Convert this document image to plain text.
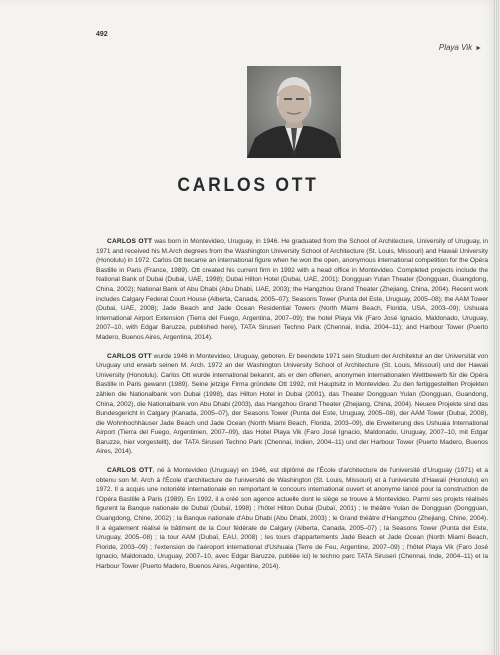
492
Playa Vik ►
CARLOS OTT

CARLOS OTT was born in Montevideo, Uruguay, in 1946. He graduated from the School of Architecture, University of Uruguay, in 1971 and received his M.Arch degrees from the Washington University School of Architecture (St. Louis, Missouri) and Hawaii University (Honolulu) in 1972. Carlos Ott became an international figure when he won the open, anonymous international competition for the Opéra Bastille in Paris (France, 1989). Ott created his current firm in 1992 with a head office in Montevideo. Completed projects include the National Bank of Dubai (Dubai, UAE, 1998); Dubai Hilton Hotel (Dubai, UAE, 2001); Dongguan Yulan Theater (Dongguan, Guangdong, China, 2002); National Bank of Abu Dhabi (Abu Dhabi, UAE, 2003); the Hangzhou Grand Theater (Zhejiang, China, 2004). Recent work includes Calgary Federal Court House (Alberta, Canada, 2005–07); Seasons Tower (Punta del Este, Uruguay, 2005–08); the AAM Tower (Dubai, UAE, 2008); Jade Beach and Jade Ocean Residential Towers (North Miami Beach, Florida, USA, 2003–09); Ushuaia International Airport Extension (Tierra del Fuego, Argentina, 2007–09); the hotel Playa Vik (Faro José Ignacio, Maldonado, Uruguay, 2007–10, with Edgar Baruzze, published here), TATA Siruseri Techno Park (Chennai, India, 2004–11); and Harbour Tower (Puerto Madero, Buenos Aires, Argentina, 2014).

CARLOS OTT wurde 1946 in Montevideo, Uruguay, geboren. Er beendete 1971 sein Studium der Architektur an der Universität von Uruguay und erwarb seinen M. Arch. 1972 an der Washington University School of Architecture (St. Louis, Missouri) und der Hawaii University (Honolulu). Carlos Ott wurde international bekannt, als er den offenen, anonymen internationalen Wettbewerb für die Opéra Bastille in Paris gewann (1989). Seine jetzige Firma gründete Ott 1992, mit Hauptsitz in Montevideo. Zu den fertiggestellten Projekten zählen die Nationalbank von Dubai (1998), das Hilton Hotel in Dubai (2001), das Theater Dongguan Yulan (Dongguan, Guandong, China, 2002), die Nationalbank von Abu Dhabi (2003), das Hangzhou Grand Theater (Zhejiang, China, 2004). Neuere Projekte sind das Bundesgericht in Calgary (Kanada, 2005–07), der Seasons Tower (Punta del Este, Uruguay, 2005–08), der AAM Tower (Dubai, 2008), die Wohnhochhäuser Jade Beach und Jade Ocean (North Miami Beach, Florida, 2003–09), die Erweiterung des Ushuaia International Airport (Tierra del Fuego, Argentinien, 2007–09), das Hotel Playa Vik (Faro José Ignacio, Maldonado, Uruguay, 2007–10, mit Edgar Baruzze, hier vorgestellt), der TATA Siruseri Techno Park (Chennai, Indien, 2004–11) und der Harbour Tower (Puerto Madero, Buenos Aires, 2014).

CARLOS OTT, né à Montevideo (Uruguay) en 1946, est diplômé de l'École d'architecture de l'université d'Uruguay (1971) et a obtenu son M. Arch à l'École d'architecture de l'université de Washington (St. Louis, Missouri) et à l'université d'Hawaii (Honolulu) en 1972. Il a acquis une notoriété internationale en remportant le concours international ouvert et anonyme lancé pour la construction de l'Opéra Bastille à Paris (1989). En 1992, il a créé son agence actuelle dont le siège se trouve à Montevideo. Parmi ses projets réalisés figurent la Banque nationale de Dubaï (Dubaï, 1998) ; l'hôtel Hilton Dubai (Dubaï, 2001) ; le théâtre Yulan de Dongguan (Dongguan, Guangdong, Chine, 2002) ; la Banque nationale d'Abu Dhabi (Abu Dhabi, 2003) ; le Grand théâtre d'Hangzhou (Zhejiang, Chine, 2004). Il a également réalisé le bâtiment de la Cour fédérale de Calgary (Alberta, Canada, 2005–07) ; la Seasons Tower (Punta del Este, Uruguay, 2005–08) ; la tour AAM (Dubaï, EAU, 2008) ; les tours d'appartements Jade Beach et Jade Ocean (North Miami Beach, Floride, 2003–09) ; l'extension de l'aéroport international d'Ushuaia (Terre de Feu, Argentine, 2007–09) ; l'hôtel Playa Vik (Faro José Ignacio, Maldonado, Uruguay, 2007–10, avec Edgar Baruzze, publiée ici) le techno parc TATA Siruseri (Chennai, Inde, 2004–11) et la Harbour Tower (Puerto Madero, Buenos Aires, Argentine, 2014).
